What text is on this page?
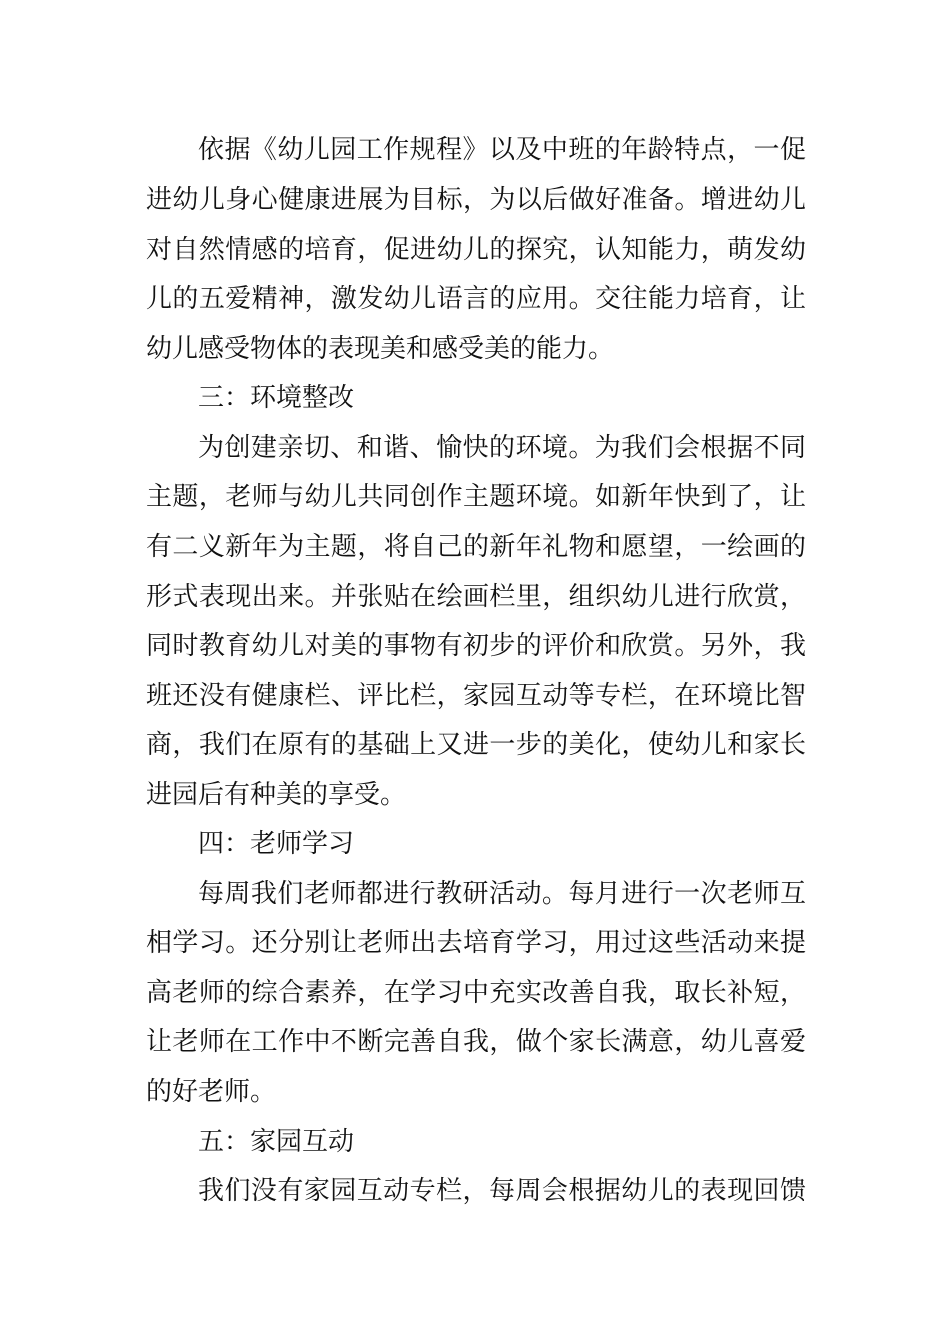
依据《幼儿园工作规程》以及中班的年龄特点，一促
进幼儿身心健康进展为目标，为以后做好准备。增进幼儿
对自然情感的培育，促进幼儿的探究，认知能力，萌发幼
儿的五爱精神，激发幼儿语言的应用。交往能力培育，让
幼儿感受物体的表现美和感受美的能力。
三：环境整改
为创建亲切、和谐、愉快的环境。为我们会根据不同
主题，老师与幼儿共同创作主题环境。如新年快到了，让
有二义新年为主题，将自己的新年礼物和愿望，一绘画的
形式表现出来。并张贴在绘画栏里，组织幼儿进行欣赏，
同时教育幼儿对美的事物有初步的评价和欣赏。另外，我
班还没有健康栏、评比栏，家园互动等专栏，在环境比智
商，我们在原有的基础上又进一步的美化，使幼儿和家长
进园后有种美的享受。
四：老师学习
每周我们老师都进行教研活动。每月进行一次老师互
相学习。还分别让老师出去培育学习，用过这些活动来提
高老师的综合素养，在学习中充实改善自我，取长补短，
让老师在工作中不断完善自我，做个家长满意，幼儿喜爱
的好老师。
五：家园互动
我们没有家园互动专栏，每周会根据幼儿的表现回馈
